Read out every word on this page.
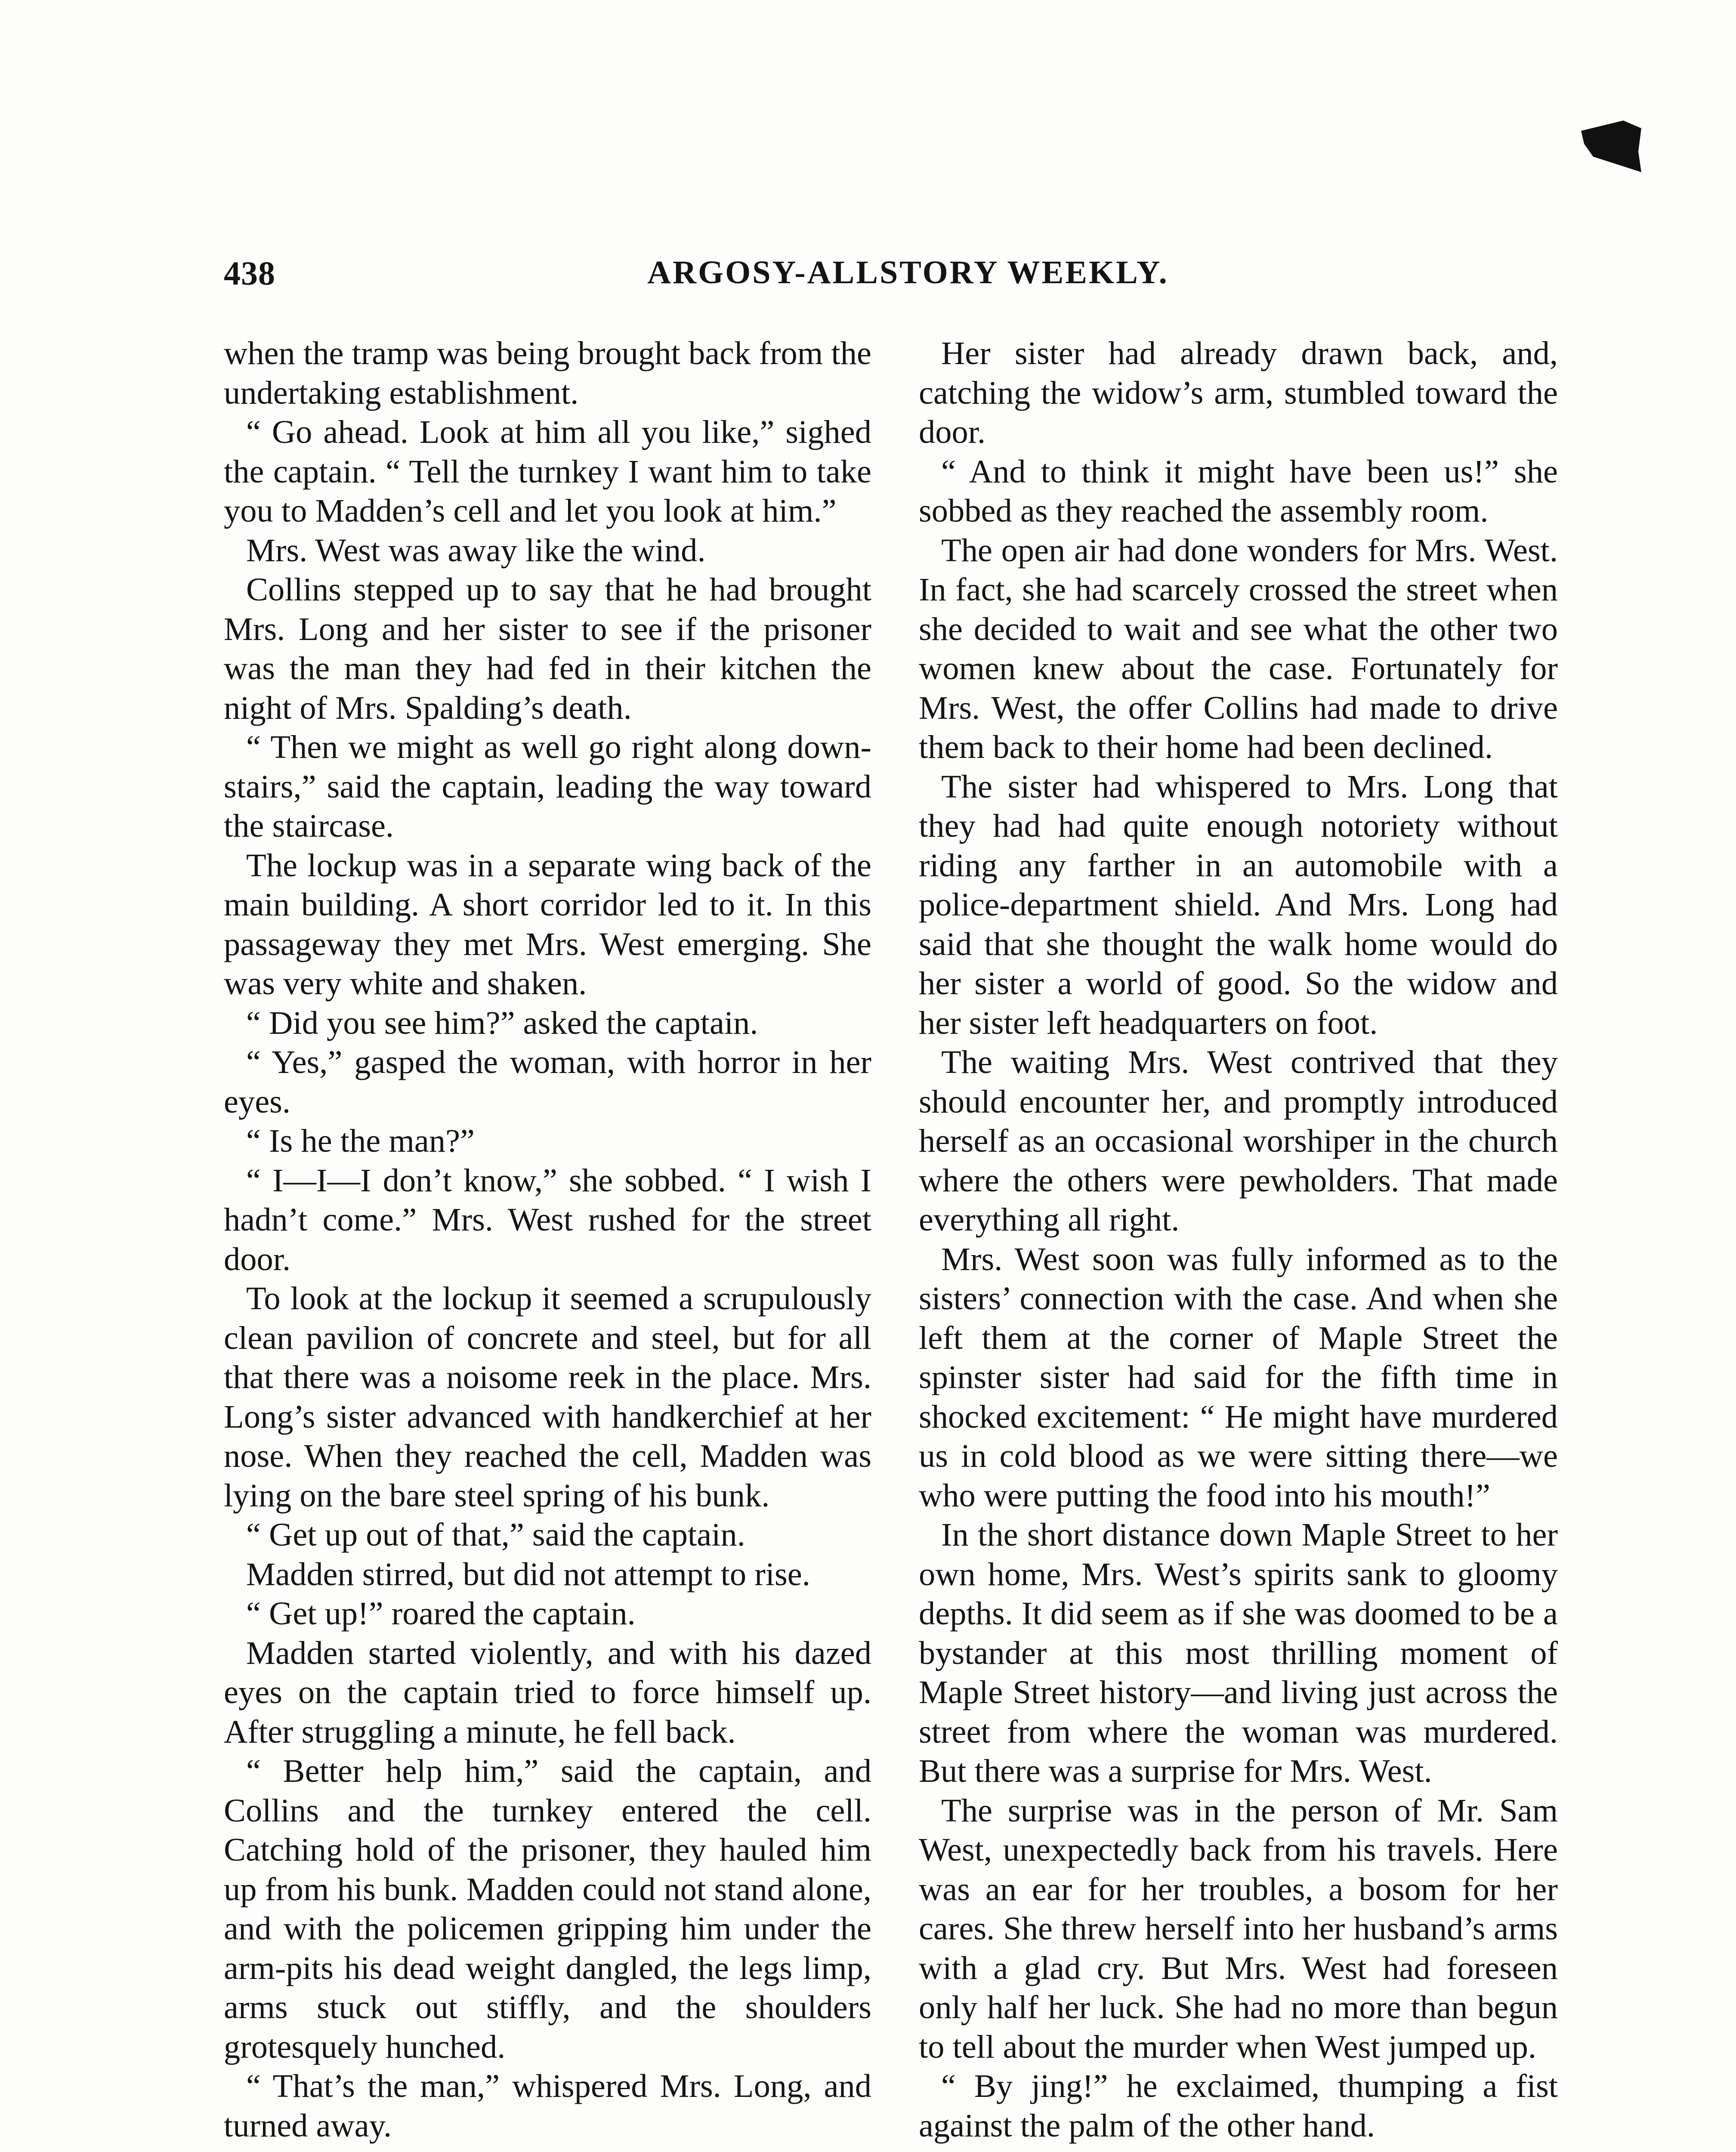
ARGOSY-ALLSTORY WEEKLY.
438

when the tramp was being brought back from the undertaking establishment.

“ Go ahead. Look at him all you like,” sighed the captain. “ Tell the turnkey I want him to take you to Madden’s cell and let you look at him.”

Mrs. West was away like the wind.

Collins stepped up to say that he had brought Mrs. Long and her sister to see if the prisoner was the man they had fed in their kitchen the night of Mrs. Spalding’s death.

“ Then we might as well go right along down-stairs,” said the captain, leading the way toward the staircase.

The lockup was in a separate wing back of the main building. A short corridor led to it. In this passageway they met Mrs. West emerging. She was very white and shaken.

“ Did you see him?” asked the captain.

“ Yes,” gasped the woman, with horror in her eyes.

“ Is he the man?”

“ I—I—I don’t know,” she sobbed. “ I wish I hadn’t come.” Mrs. West rushed for the street door.

To look at the lockup it seemed a scrupulously clean pavilion of concrete and steel, but for all that there was a noisome reek in the place. Mrs. Long’s sister advanced with handkerchief at her nose. When they reached the cell, Madden was lying on the bare steel spring of his bunk.

“ Get up out of that,” said the captain.

Madden stirred, but did not attempt to rise.

“ Get up!” roared the captain.

Madden started violently, and with his dazed eyes on the captain tried to force himself up. After struggling a minute, he fell back.

“ Better help him,” said the captain, and Collins and the turnkey entered the cell. Catching hold of the prisoner, they hauled him up from his bunk. Madden could not stand alone, and with the policemen gripping him under the arm-pits his dead weight dangled, the legs limp, arms stuck out stiffly, and the shoulders grotesquely hunched.

“ That’s the man,” whispered Mrs. Long, and turned away.

Her sister had already drawn back, and, catching the widow’s arm, stumbled toward the door.

“ And to think it might have been us!” she sobbed as they reached the assembly room.

The open air had done wonders for Mrs. West. In fact, she had scarcely crossed the street when she decided to wait and see what the other two women knew about the case. Fortunately for Mrs. West, the offer Collins had made to drive them back to their home had been declined.

The sister had whispered to Mrs. Long that they had had quite enough notoriety without riding any farther in an automobile with a police-department shield. And Mrs. Long had said that she thought the walk home would do her sister a world of good. So the widow and her sister left headquarters on foot.

The waiting Mrs. West contrived that they should encounter her, and promptly introduced herself as an occasional worshiper in the church where the others were pewholders. That made everything all right.

Mrs. West soon was fully informed as to the sisters’ connection with the case. And when she left them at the corner of Maple Street the spinster sister had said for the fifth time in shocked excitement: “ He might have murdered us in cold blood as we were sitting there—we who were putting the food into his mouth!”

In the short distance down Maple Street to her own home, Mrs. West’s spirits sank to gloomy depths. It did seem as if she was doomed to be a bystander at this most thrilling moment of Maple Street history—and living just across the street from where the woman was murdered. But there was a surprise for Mrs. West.

The surprise was in the person of Mr. Sam West, unexpectedly back from his travels. Here was an ear for her troubles, a bosom for her cares. She threw herself into her husband’s arms with a glad cry. But Mrs. West had foreseen only half her luck. She had no more than begun to tell about the murder when West jumped up.

“ By jing!” he exclaimed, thumping a fist against the palm of the other hand.
